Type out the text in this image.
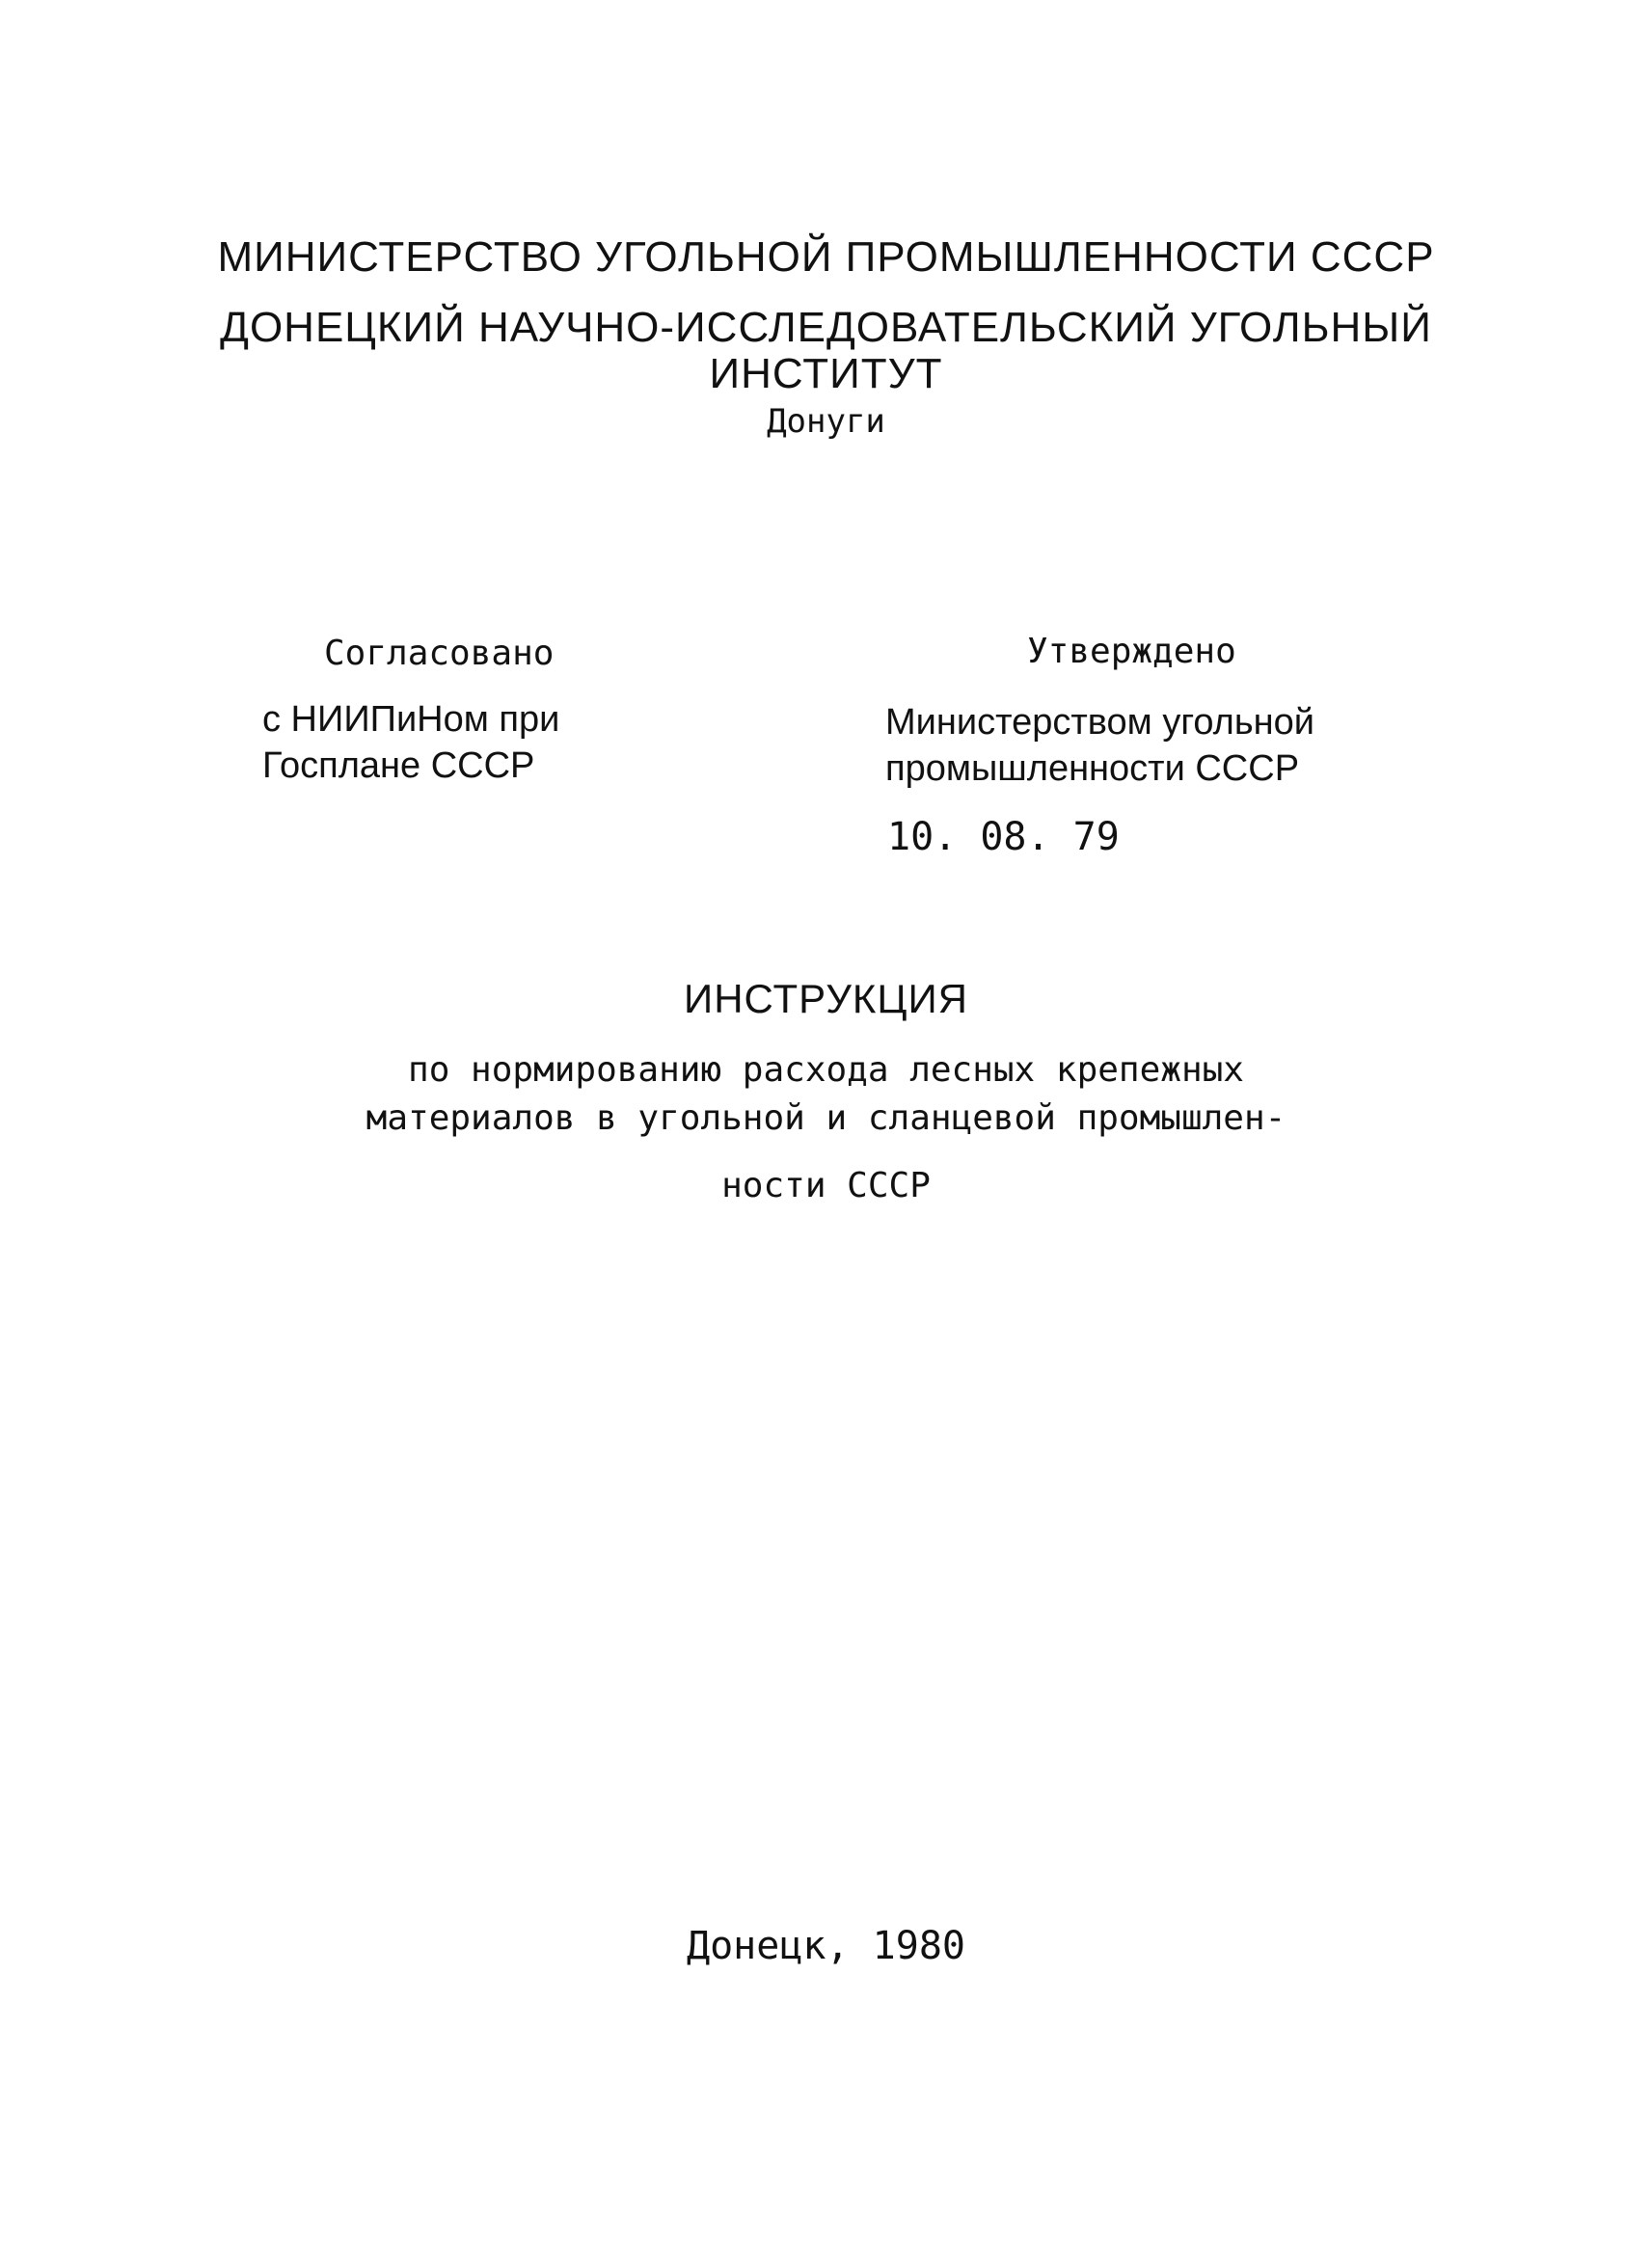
МИНИСТЕРСТВО УГОЛЬНОЙ ПРОМЫШЛЕННОСТИ СССР
ДОНЕЦКИЙ НАУЧНО-ИССЛЕДОВАТЕЛЬСКИЙ УГОЛЬНЫЙ
ИНСТИТУТ
Донуги
Согласовано
с НИИПиНом при
Госплане СССР
Утверждено
Министерством угольной
промышленности СССР
10. 08. 79
ИНСТРУКЦИЯ
по нормированию расхода лесных крепежных
материалов в угольной и сланцевой промышлен-
ности СССР
Донецк, 1980
